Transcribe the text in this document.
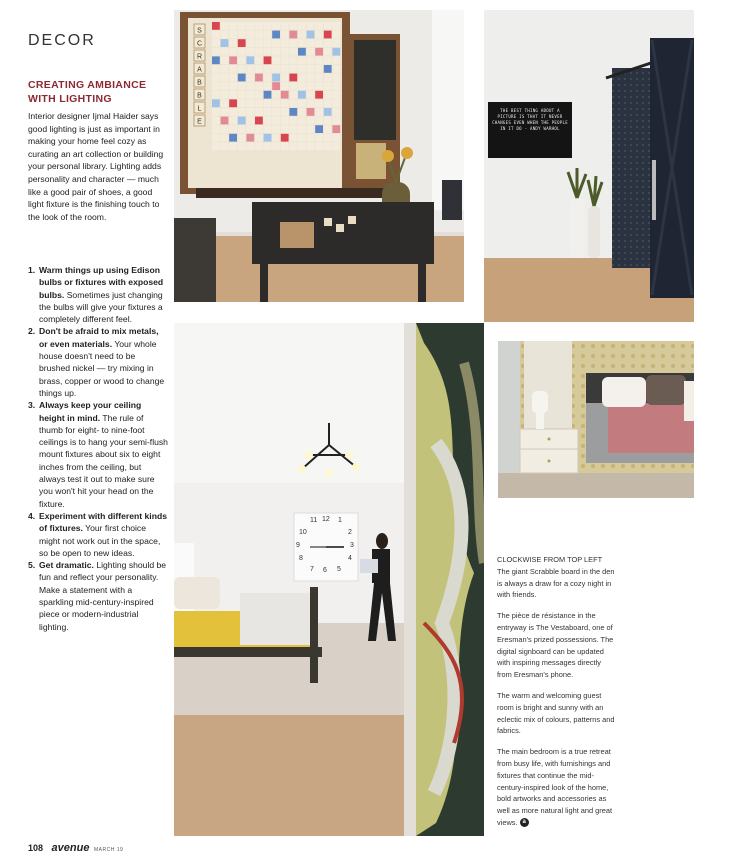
DECOR
CREATING AMBIANCE WITH LIGHTING
Interior designer Ijmal Haider says good lighting is just as important in making your home feel cozy as curating an art collection or building your personal library. Lighting adds personality and character — much like a good pair of shoes, a good light fixture is the finishing touch to the look of the room.
1. Warm things up using Edison bulbs or fixtures with exposed bulbs. Sometimes just changing the bulbs will give your fixtures a completely different feel.
2. Don't be afraid to mix metals, or even materials. Your whole house doesn't need to be brushed nickel — try mixing in brass, copper or wood to change things up.
3. Always keep your ceiling height in mind. The rule of thumb for eight- to nine-foot ceilings is to hang your semi-flush mount fixtures about six to eight inches from the ceiling, but always test it out to make sure you won't hit your head on the fixture.
4. Experiment with different kinds of fixtures. Your first choice might not work out in the space, so be open to new ideas.
5. Get dramatic. Lighting should be fun and reflect your personality. Make a statement with a sparkling mid-century-inspired piece or modern-industrial lighting.
S
C
R
A
B
B
L
E
THE BEST THING ABOUT A PICTURE IS THAT IT NEVER CHANGES EVEN WHEN THE PEOPLE IN IT DO - ANDY WARHOL
11 12 1
10	2
9	3
8	4
7 6 5

CLOCKWISE FROM TOP LEFT

The giant Scrabble board in the den is always a draw for a cozy night in with friends.

The pièce de résistance in the entryway is The Vestaboard, one of Eresman's prized possessions. The digital signboard can be updated with inspiring messages directly from Eresman's phone.

The warm and welcoming guest room is bright and sunny with an eclectic mix of colours, patterns and fabrics.

The main bedroom is a true retreat from busy life, with furnishings and fixtures that continue the mid-century-inspired look of the home, bold artworks and accessories as well as more natural light and great views. a

108 avenue MARCH 19
